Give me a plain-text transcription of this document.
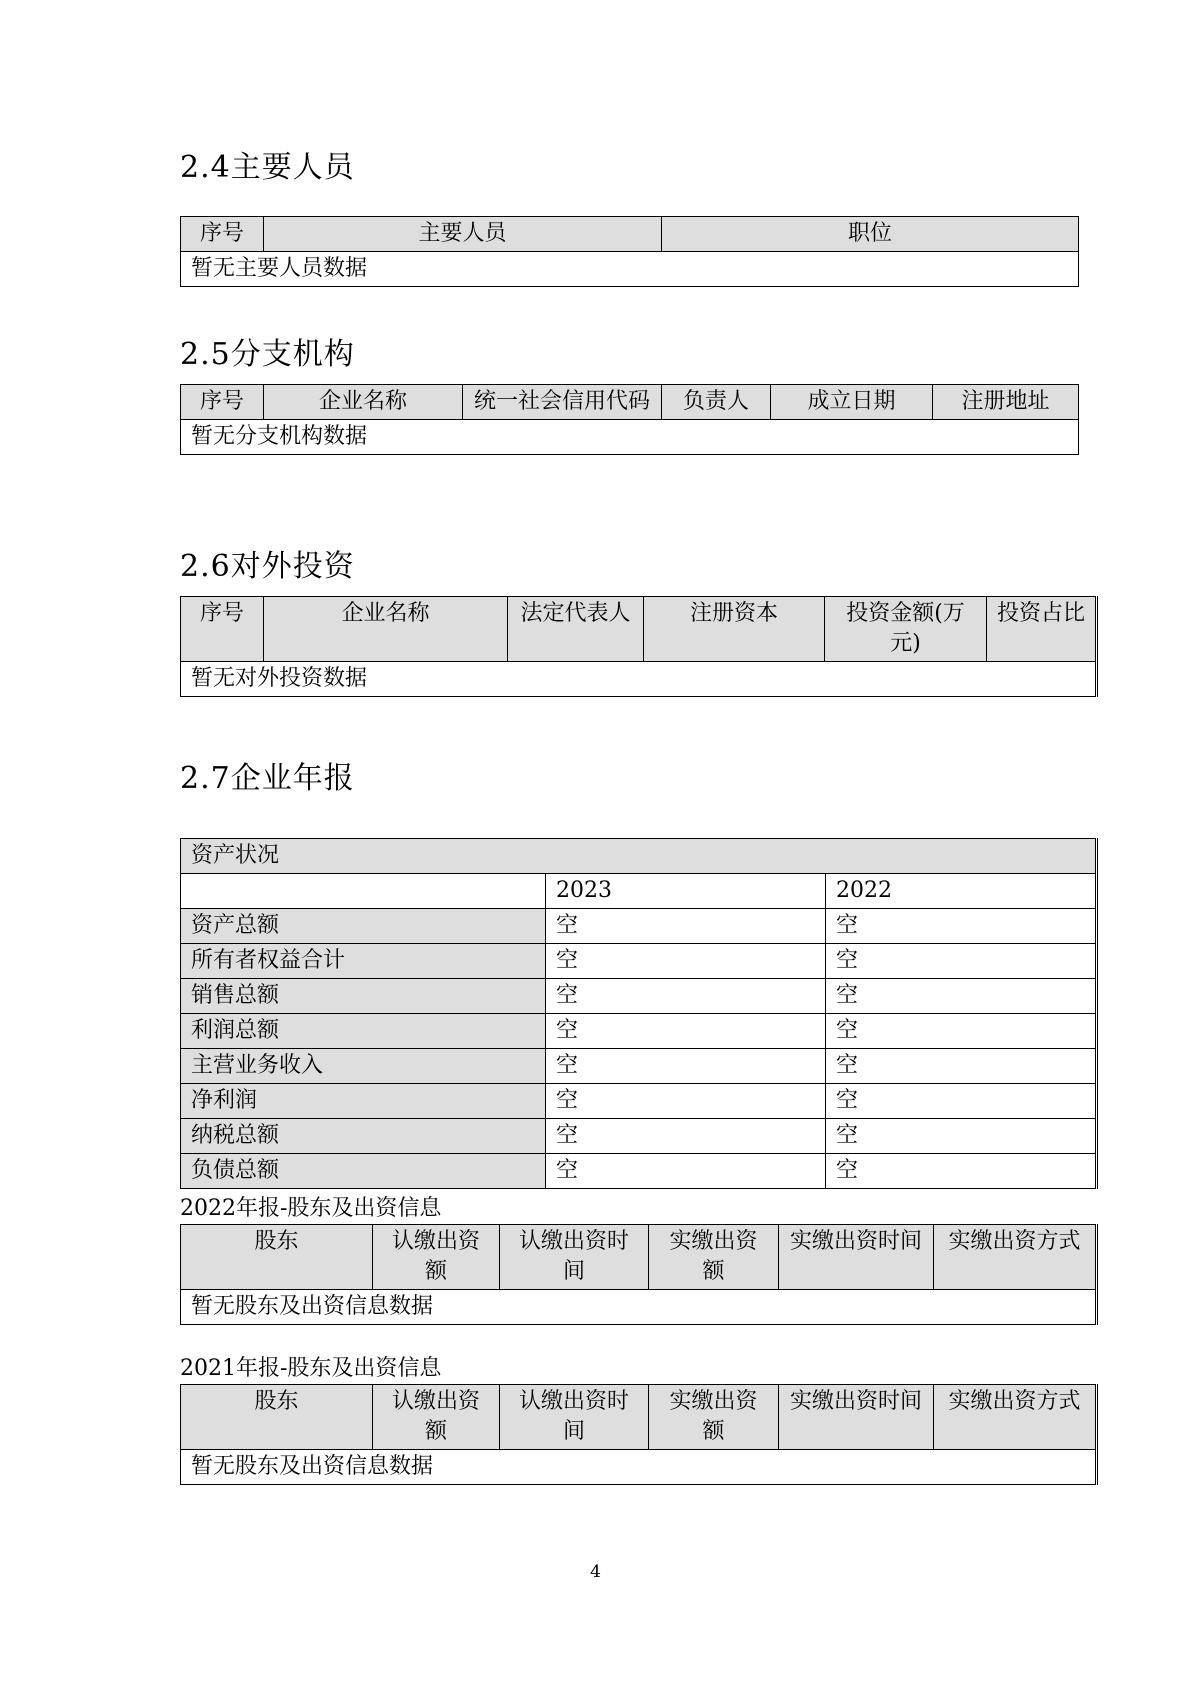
2.4主要人员
序号	主要人员	职位
暂无主要人员数据
2.5分支机构
序号	企业名称	统一社会信用代码	负责人	成立日期	注册地址
暂无分支机构数据
2.6对外投资
序号	企业名称	法定代表人	注册资本	投资金额(万元)	投资占比
暂无对外投资数据
2.7企业年报
资产状况		
	2023	2022
资产总额	空	空
所有者权益合计	空	空
销售总额	空	空
利润总额	空	空
主营业务收入	空	空
净利润	空	空
纳税总额	空	空
负债总额	空	空
2022年报-股东及出资信息
股东	认缴出资额	认缴出资时间	实缴出资额	实缴出资时间	实缴出资方式
暂无股东及出资信息数据
2021年报-股东及出资信息
股东	认缴出资额	认缴出资时间	实缴出资额	实缴出资时间	实缴出资方式
暂无股东及出资信息数据
4
